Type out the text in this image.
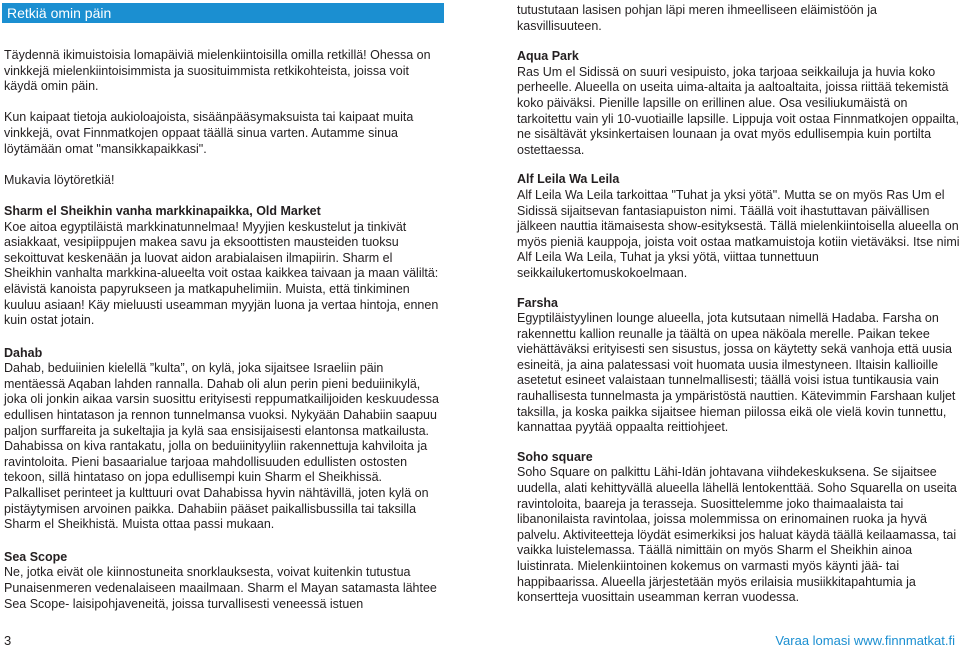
Retkiä omin päin

Täydennä ikimuistoisia lomapäiviä mielenkiintoisilla omilla retkillä! Ohessa on vinkkejä mielenkiintoisimmista ja suosituimmista retkikohteista, joissa voit käydä omin päin.

Kun kaipaat tietoja aukioloajoista, sisäänpääsymaksuista tai kaipaat muita vinkkejä, ovat Finnmatkojen oppaat täällä sinua varten. Autamme sinua löytämään omat "mansikkapaikkasi".

Mukavia löytöretkiä!

Sharm el Sheikhin vanha markkinapaikka, Old Market

Koe aitoa egyptiläistä markkinatunnelmaa! Myyjien keskustelut ja tinkivät asiakkaat, vesipiippujen makea savu ja eksoottisten mausteiden tuoksu sekoittuvat keskenään ja luovat aidon arabialaisen ilmapiirin. Sharm el Sheikhin vanhalta markkina-alueelta voit ostaa kaikkea taivaan ja maan väliltä: elävistä kanoista papyrukseen ja matkapuhelimiin. Muista, että tinkiminen kuuluu asiaan! Käy mieluusti useamman myyjän luona ja vertaa hintoja, ennen kuin ostat jotain.

Dahab

Dahab, beduiinien kielellä ”kulta”, on kylä, joka sijaitsee Israeliin päin mentäessä Aqaban lahden rannalla. Dahab oli alun perin pieni beduiinikylä, joka oli jonkin aikaa varsin suosittu erityisesti reppumatkailijoiden keskuudessa edullisen hintatason ja rennon tunnelmansa vuoksi. Nykyään Dahabiin saapuu paljon surffareita ja sukeltajia ja kylä saa ensisijaisesti elantonsa matkailusta. Dahabissa on kiva rantakatu, jolla on beduiinityyliin rakennettuja kahviloita ja ravintoloita. Pieni basaarialue tarjoaa mahdollisuuden edullisten ostosten tekoon, sillä hintataso on jopa edullisempi kuin Sharm el Sheikhissä. Palkalliset perinteet ja kulttuuri ovat Dahabissa hyvin nähtävillä, joten kylä on pistäytymisen arvoinen paikka. Dahabiin pääset paikallisbussilla tai taksilla Sharm el Sheikhistä. Muista ottaa passi mukaan.

Sea Scope

Ne, jotka eivät ole kiinnostuneita snorklauksesta, voivat kuitenkin tutustua Punaisenmeren vedenalaiseen maailmaan. Sharm el Mayan satamasta lähtee Sea Scope- laisipohjaveneitä, joissa turvallisesti veneessä istuen

tutustutaan lasisen pohjan läpi meren ihmeelliseen eläimistöön ja kasvillisuuteen.

Aqua Park

Ras Um el Sidissä on suuri vesipuisto, joka tarjoaa seikkailuja ja huvia koko perheelle. Alueella on useita uima-altaita ja aaltoaltaita, joissa riittää tekemistä koko päiväksi. Pienille lapsille on erillinen alue. Osa vesiliukumäistä on tarkoitettu vain yli 10-vuotiaille lapsille. Lippuja voit ostaa Finnmatkojen oppailta, ne sisältävät yksinkertaisen lounaan ja ovat myös edullisempia kuin portilta ostettaessa.

Alf Leila Wa Leila

Alf Leila Wa Leila tarkoittaa "Tuhat ja yksi yötä". Mutta se on myös Ras Um el Sidissä sijaitsevan fantasiapuiston nimi. Täällä voit ihastuttavan päivällisen jälkeen nauttia itämaisesta show-esityksestä. Tällä mielenkiintoisella alueella on myös pieniä kauppoja, joista voit ostaa matkamuistoja kotiin vietäväksi. Itse nimi Alf Leila Wa Leila, Tuhat ja yksi yötä, viittaa tunnettuun seikkailukertomuskokoelmaan.

Farsha

Egyptiläistyylinen lounge alueella, jota kutsutaan nimellä Hadaba. Farsha on rakennettu kallion reunalle ja täältä on upea näköala merelle. Paikan tekee viehättäväksi erityisesti sen sisustus, jossa on käytetty sekä vanhoja että uusia esineitä, ja aina palatessasi voit huomata uusia ilmestyneen. Iltaisin kallioille asetetut esineet valaistaan tunnelmallisesti; täällä voisi istua tuntikausia vain rauhallisesta tunnelmasta ja ympäristöstä nauttien. Kätevimmin Farshaan kuljet taksilla, ja koska paikka sijaitsee hieman piilossa eikä ole vielä kovin tunnettu, kannattaa pyytää oppaalta reittiohjeet.

Soho square

Soho Square on palkittu Lähi-Idän johtavana viihdekeskuksena. Se sijaitsee uudella, alati kehittyvällä alueella lähellä lentokenttää. Soho Squarella on useita ravintoloita, baareja ja terasseja. Suosittelemme joko thaimaalaista tai libanonilaista ravintolaa, joissa molemmissa on erinomainen ruoka ja hyvä palvelu. Aktiviteetteja löydät esimerkiksi jos haluat käydä täällä keilaamassa, tai vaikka luistelemassa. Täällä nimittäin on myös Sharm el Sheikhin ainoa luistinrata. Mielenkiintoinen kokemus on varmasti myös käynti jää- tai happibaarissa. Alueella järjestetään myös erilaisia musiikkitapahtumia ja konsertteja vuosittain useamman kerran vuodessa.

3	Varaa lomasi www.finnmatkat.fi
